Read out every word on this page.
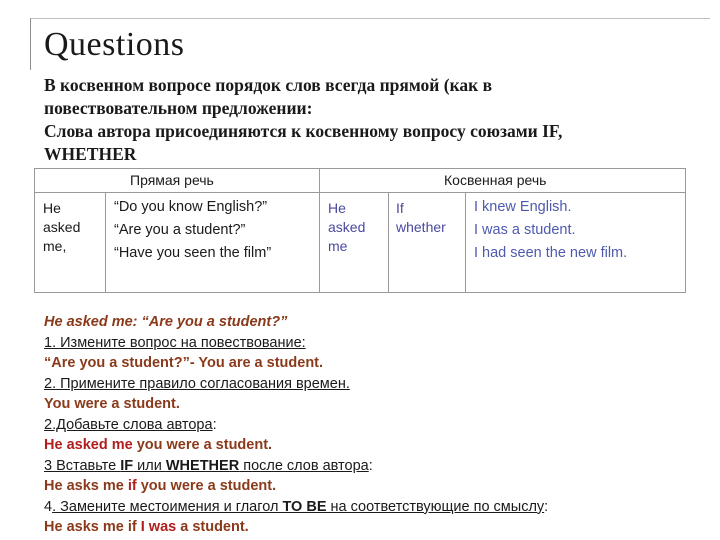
Questions
В косвенном вопросе порядок слов всегда прямой (как в
повествовательном предложении:
Слова автора присоединяются к косвенному вопросу союзами IF,
WHETHER
Прямая речь	Косвенная речь
He
asked
me,
“Do you know English?”
“Are you a student?”
“Have you seen the film”
He
asked
me
If
whether
I knew English.
I was a student.
I had seen the new film.
He asked me: “Are you a student?”
1. Измените вопрос на повествование:
“Are you a student?”- You are a student.
2. Примените правило согласования времен.
You were a student.
2.Добавьте слова автора:
He asked me you were a student.
3 Вставьте IF или WHETHER после слов автора:
He asks me if you were a student.
4. Замените местоимения и глагол TO BE на соответствующие по смыслу:
He asks me if I was a student.
